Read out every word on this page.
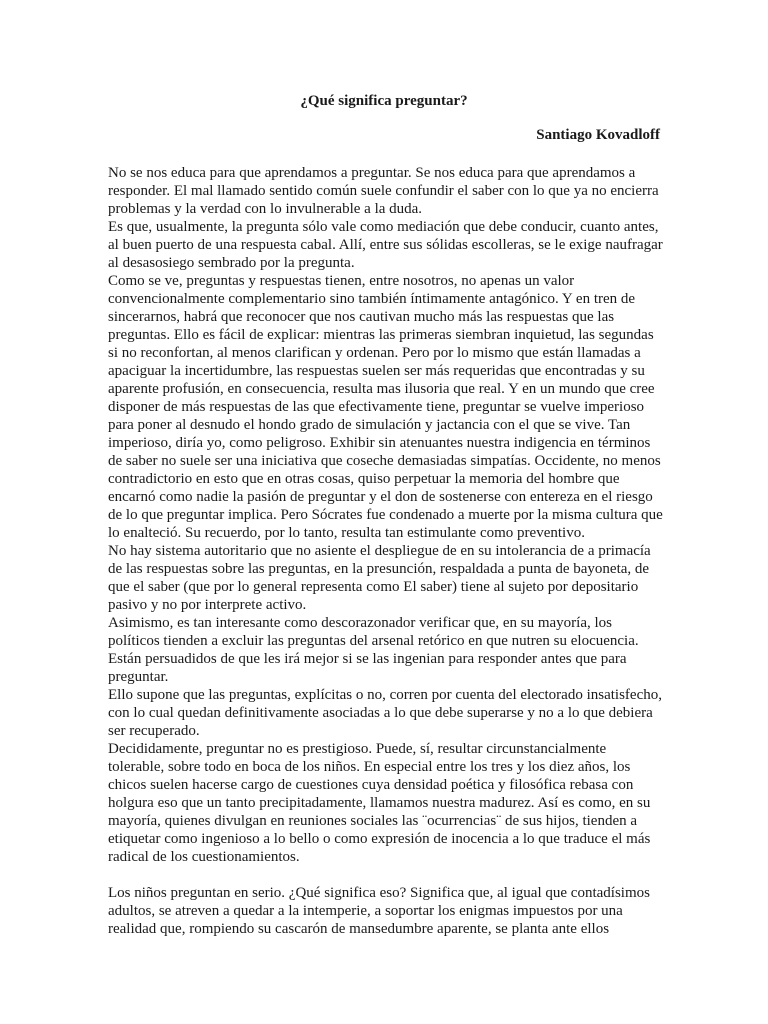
¿Qué significa preguntar?
Santiago Kovadloff

No se nos educa para que aprendamos a preguntar. Se nos educa para que aprendamos a responder. El mal llamado sentido común suele confundir el saber con lo que ya no encierra problemas y la verdad con lo invulnerable a la duda.

Es que, usualmente, la pregunta sólo vale como mediación que debe conducir, cuanto antes, al buen puerto de una respuesta cabal. Allí, entre sus sólidas escolleras, se le exige naufragar al desasosiego sembrado por la pregunta.

Como se ve, preguntas y respuestas tienen, entre nosotros, no apenas un valor convencionalmente complementario sino también íntimamente antagónico. Y en tren de sincerarnos, habrá que reconocer que nos cautivan mucho más las respuestas que las preguntas. Ello es fácil de explicar: mientras las primeras siembran inquietud, las segundas si no reconfortan, al menos clarifican y ordenan. Pero por lo mismo que están llamadas a apaciguar la incertidumbre, las respuestas suelen ser más requeridas que encontradas y su aparente profusión, en consecuencia, resulta mas ilusoria que real. Y en un mundo que cree disponer de más respuestas de las que efectivamente tiene, preguntar se vuelve imperioso para poner al desnudo el hondo grado de simulación y jactancia con el que se vive. Tan imperioso, diría yo, como peligroso. Exhibir sin atenuantes nuestra indigencia en términos de saber no suele ser una iniciativa que coseche demasiadas simpatías. Occidente, no menos contradictorio en esto que en otras cosas, quiso perpetuar la memoria del hombre que encarnó como nadie la pasión de preguntar y el don de sostenerse con entereza en el riesgo de lo que preguntar implica. Pero Sócrates fue condenado a muerte por la misma cultura que lo enalteció. Su recuerdo, por lo tanto, resulta tan estimulante como preventivo.

No hay sistema autoritario que no asiente el despliegue de en su intolerancia de a primacía de las respuestas sobre las preguntas, en la presunción, respaldada a punta de bayoneta, de que el saber (que por lo general representa como El saber) tiene al sujeto por depositario pasivo y no por interprete activo.

Asimismo, es tan interesante como descorazonador verificar que, en su mayoría, los políticos tienden a excluir las preguntas del arsenal retórico en que nutren su elocuencia. Están persuadidos de que les irá mejor si se las ingenian para responder antes que para preguntar.

Ello supone que las preguntas, explícitas o no, corren por cuenta del electorado insatisfecho, con lo cual quedan definitivamente asociadas a lo que debe superarse y no a lo que debiera ser recuperado.

Decididamente, preguntar no es prestigioso. Puede, sí, resultar circunstancialmente tolerable, sobre todo en boca de los niños. En especial entre los tres y los diez años, los chicos suelen hacerse cargo de cuestiones cuya densidad poética y filosófica rebasa con holgura eso que un tanto precipitadamente, llamamos nuestra madurez. Así es como, en su mayoría, quienes divulgan en reuniones sociales las ¨ocurrencias¨ de sus hijos, tienden a etiquetar como ingenioso a lo bello o como expresión de inocencia a lo que traduce el más radical de los cuestionamientos.

Los niños preguntan en serio. ¿Qué significa eso? Significa que, al igual que contadísimos adultos, se atreven a quedar a la intemperie, a soportar los enigmas impuestos por una realidad que, rompiendo su cascarón de mansedumbre aparente, se planta ante ellos
